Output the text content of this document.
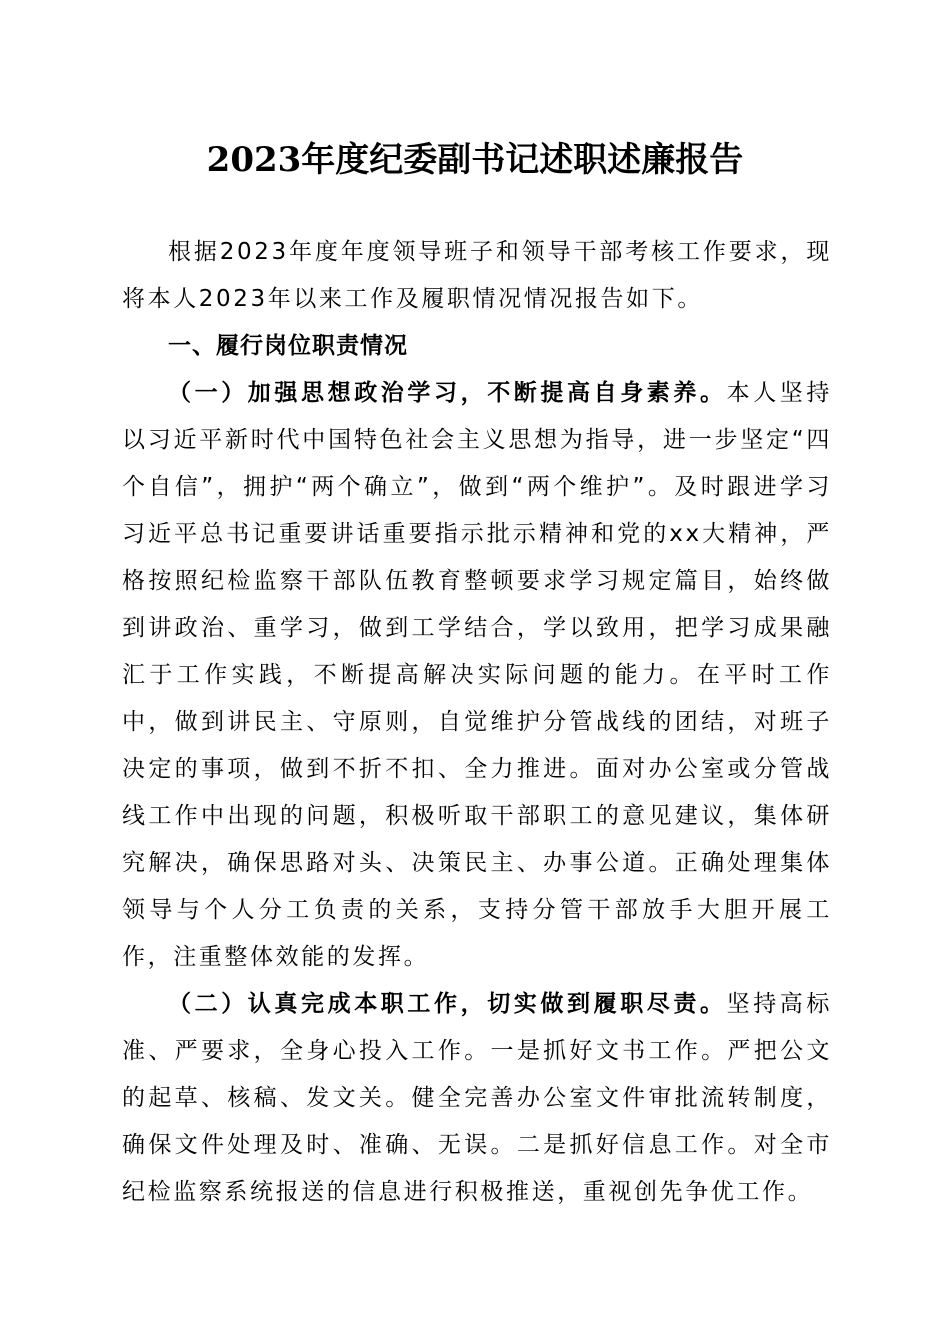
2023年度纪委副书记述职述廉报告

根据2023年度年度领导班子和领导干部考核工作要求，现将本人2023年以来工作及履职情况情况报告如下。

一、履行岗位职责情况

（一）加强思想政治学习，不断提高自身素养。本人坚持以习近平新时代中国特色社会主义思想为指导，进一步坚定“四个自信”，拥护“两个确立”，做到“两个维护”。及时跟进学习习近平总书记重要讲话重要指示批示精神和党的xx大精神，严格按照纪检监察干部队伍教育整顿要求学习规定篇目，始终做到讲政治、重学习，做到工学结合，学以致用，把学习成果融汇于工作实践，不断提高解决实际问题的能力。在平时工作中，做到讲民主、守原则，自觉维护分管战线的团结，对班子决定的事项，做到不折不扣、全力推进。面对办公室或分管战线工作中出现的问题，积极听取干部职工的意见建议，集体研究解决，确保思路对头、决策民主、办事公道。正确处理集体领导与个人分工负责的关系，支持分管干部放手大胆开展工作，注重整体效能的发挥。

（二）认真完成本职工作，切实做到履职尽责。坚持高标准、严要求，全身心投入工作。一是抓好文书工作。严把公文的起草、核稿、发文关。健全完善办公室文件审批流转制度，确保文件处理及时、准确、无误。二是抓好信息工作。对全市纪检监察系统报送的信息进行积极推送，重视创先争优工作。
